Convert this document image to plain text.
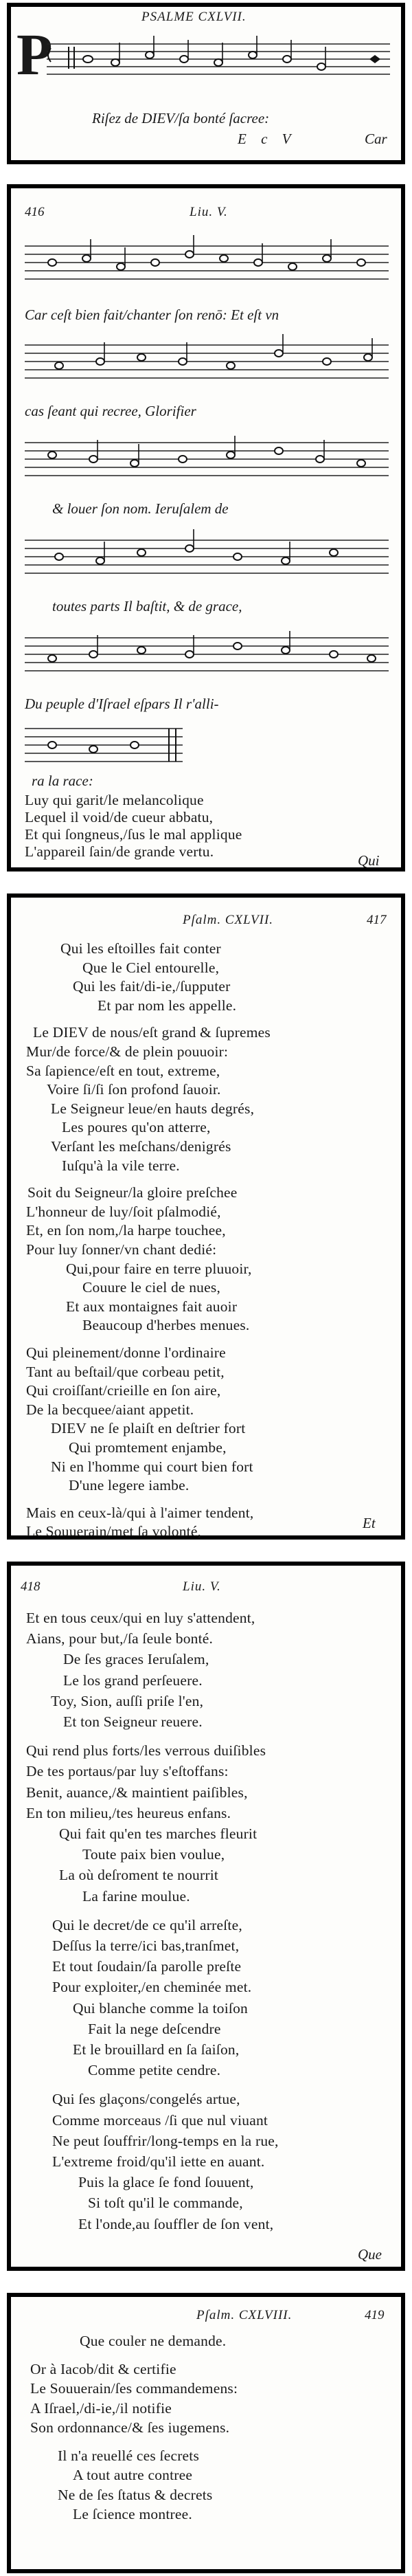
PSALME CXLVII.
P
Riſez de DIEV/ſa bonté ſacree:
E c V	Car
416	Liu. V.
Car ceſt bien fait/chanter ſon renō: Et eſt vn
cas ſeant qui recree, Glorifier
& louer ſon nom. Ieruſalem de
toutes parts Il baſtit, & de grace,
Du peuple d'Iſrael eſpars Il r'alli-
ra la race:
Luy qui garit/le melancolique
Lequel il void/de cueur abbatu,
Et qui ſongneus,/ſus le mal applique
L'appareil ſain/de grande vertu.
Qui
Pſalm. CXLVII.	417
Et
Qui les eſtoilles fait conter
Que le Ciel entourelle,
Qui les fait/di-ie,/ſupputer
Et par nom les appelle.
Le DIEV de nous/eſt grand & ſupremes
Mur/de force/& de plein pouuoir:
Sa ſapience/eſt en tout, extreme,
Voire ſi/ſi ſon profond ſauoir.
Le Seigneur leue/en hauts degrés,
Les poures qu'on atterre,
Verſant les meſchans/denigrés
Iuſqu'à la vile terre.
Soit du Seigneur/la gloire preſchee
L'honneur de luy/ſoit pſalmodié,
Et, en ſon nom,/la harpe touchee,
Pour luy ſonner/vn chant dedié:
Qui,pour faire en terre pluuoir,
Couure le ciel de nues,
Et aux montaignes fait auoir
Beaucoup d'herbes menues.
Qui pleinement/donne l'ordinaire
Tant au beſtail/que corbeau petit,
Qui croiſſant/crieille en ſon aire,
De la becquee/aiant appetit.
DIEV ne ſe plaiſt en deſtrier fort
Qui promtement enjambe,
Ni en l'homme qui court bien fort
D'une legere iambe.
Mais en ceux-là/qui à l'aimer tendent,
Le Souuerain/met ſa volonté,
418	Liu. V.
Que
Et en tous ceux/qui en luy s'attendent,
Aians, pour but,/ſa ſeule bonté.
De ſes graces Ieruſalem,
Le los grand perſeuere.
Toy, Sion, auſſi priſe l'en,
Et ton Seigneur reuere.
Qui rend plus forts/les verrous duiſibles
De tes portaus/par luy s'eſtoffans:
Benit, auance,/& maintient paiſibles,
En ton milieu,/tes heureus enfans.
Qui fait qu'en tes marches fleurit
Toute paix bien voulue,
La où deſroment te nourrit
La farine moulue.
Qui le decret/de ce qu'il arreſte,
Deſſus la terre/ici bas,tranſmet,
Et tout ſoudain/ſa parolle preſte
Pour exploiter,/en cheminée met.
Qui blanche comme la toiſon
Fait la nege deſcendre
Et le brouillard en ſa ſaiſon,
Comme petite cendre.
Qui ſes glaçons/congelés artue,
Comme morceaus /ſi que nul viuant
Ne peut ſouffrir/long-temps en la rue,
L'extreme froid/qu'il iette en auant.
Puis la glace ſe fond ſouuent,
Si toſt qu'il le commande,
Et l'onde,au ſouffler de ſon vent,
Pſalm. CXLVIII.	419
Que couler ne demande.
Or à Iacob/dit & certifie
Le Souuerain/ſes commandemens:
A Iſrael,/di-ie,/il notifie
Son ordonnance/& ſes iugemens.
Il n'a reuellé ces ſecrets
A tout autre contree
Ne de ſes ſtatus & decrets
Le ſcience montree.
